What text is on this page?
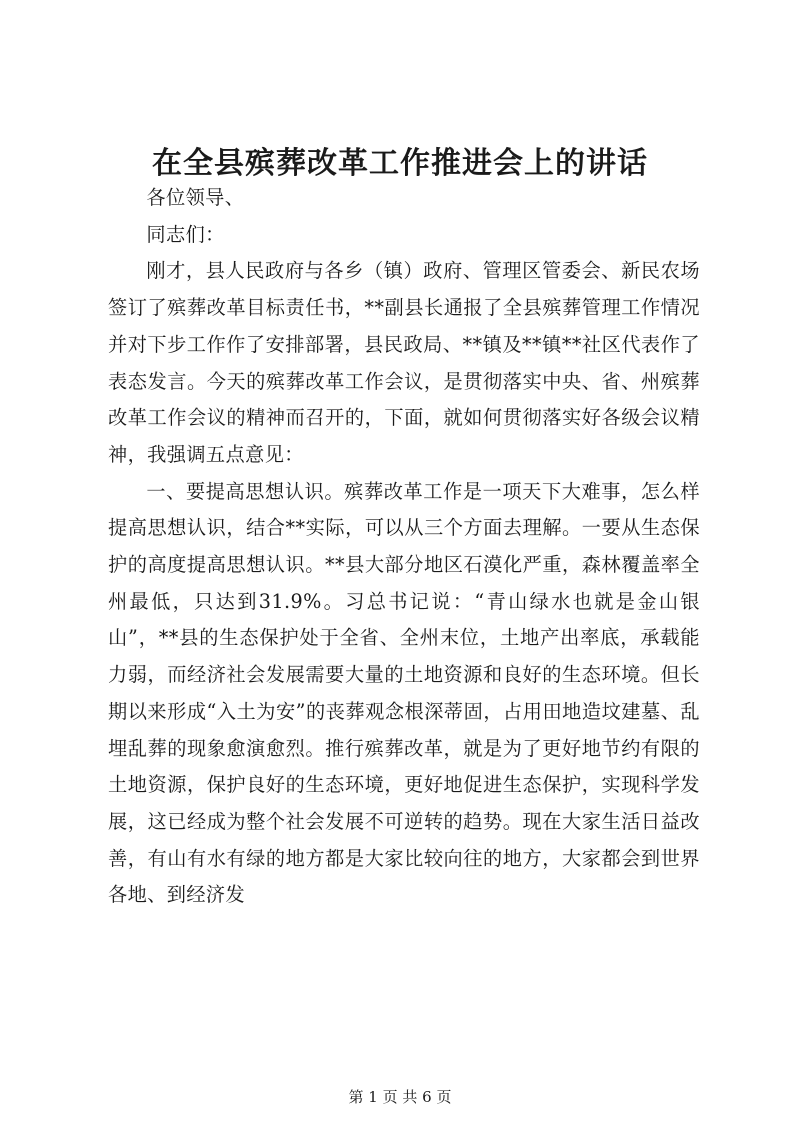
在全县殡葬改革工作推进会上的讲话

各位领导、

同志们：

刚才，县人民政府与各乡（镇）政府、管理区管委会、新民农场签订了殡葬改革目标责任书，**副县长通报了全县殡葬管理工作情况并对下步工作作了安排部署，县民政局、**镇及**镇**社区代表作了表态发言。今天的殡葬改革工作会议，是贯彻落实中央、省、州殡葬改革工作会议的精神而召开的，下面，就如何贯彻落实好各级会议精神，我强调五点意见：

一、要提高思想认识。殡葬改革工作是一项天下大难事，怎么样提高思想认识，结合**实际，可以从三个方面去理解。一要从生态保护的高度提高思想认识。**县大部分地区石漠化严重，森林覆盖率全州最低，只达到31.9%。习总书记说：“青山绿水也就是金山银山”，**县的生态保护处于全省、全州末位，土地产出率底，承载能力弱，而经济社会发展需要大量的土地资源和良好的生态环境。但长期以来形成“入土为安”的丧葬观念根深蒂固，占用田地造坟建墓、乱埋乱葬的现象愈演愈烈。推行殡葬改革，就是为了更好地节约有限的土地资源，保护良好的生态环境，更好地促进生态保护，实现科学发展，这已经成为整个社会发展不可逆转的趋势。现在大家生活日益改善，有山有水有绿的地方都是大家比较向往的地方，大家都会到世界各地、到经济发

第 1 页 共 6 页
